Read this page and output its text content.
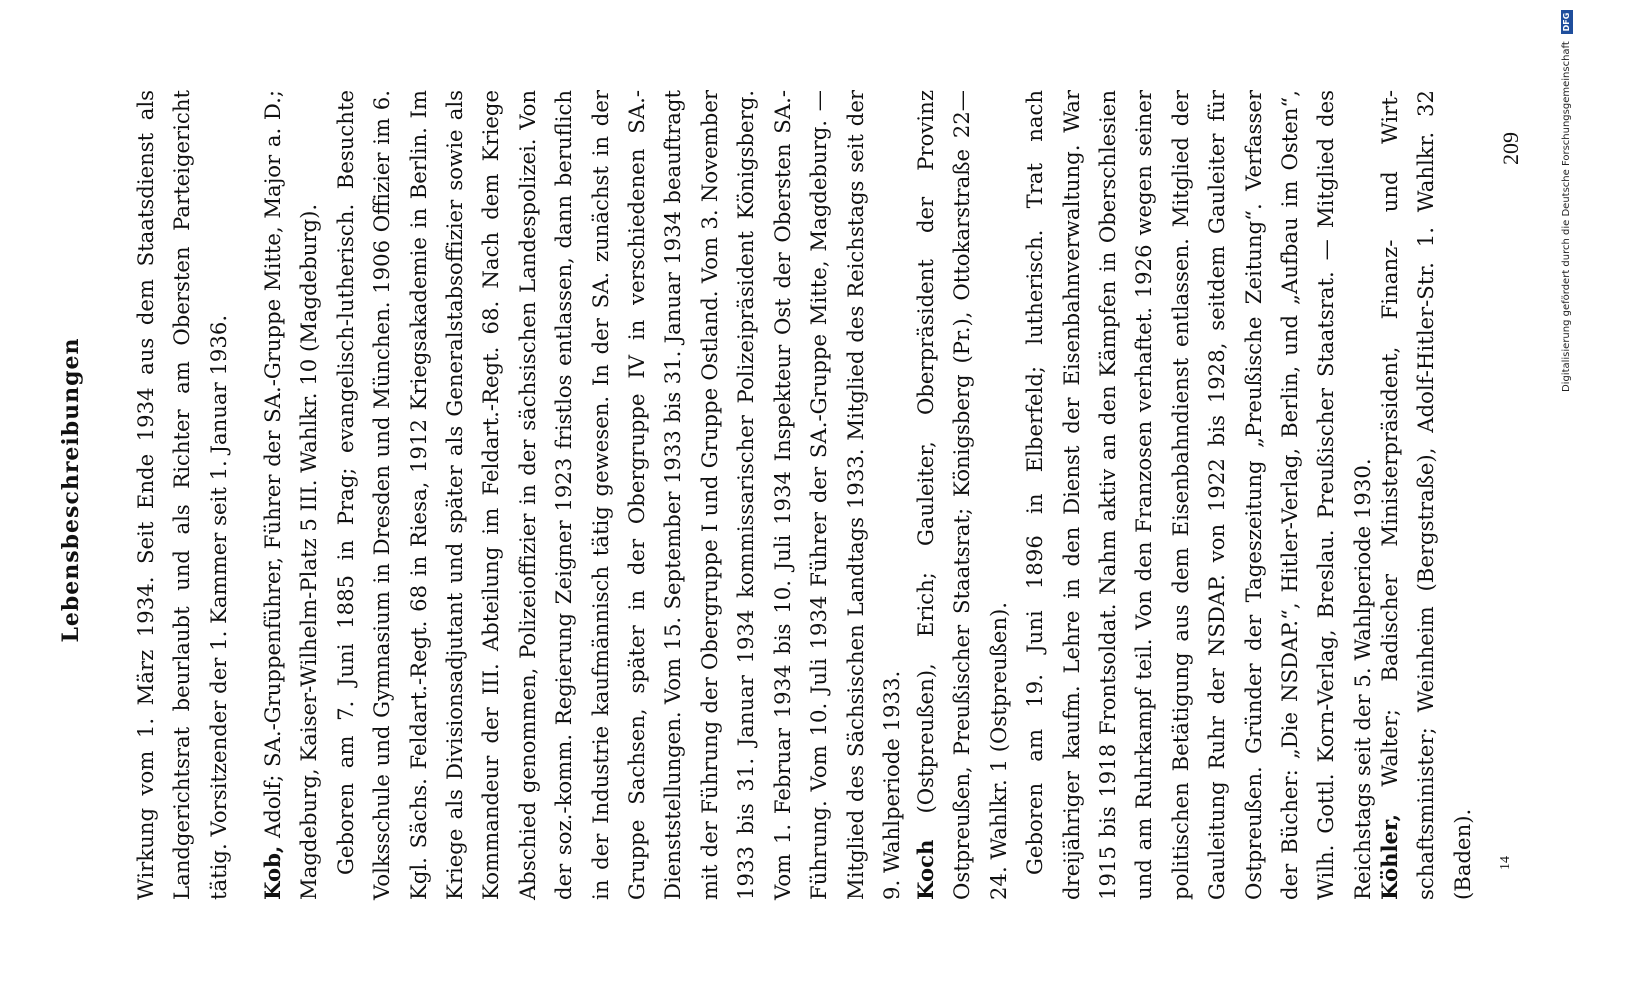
Lebensbeschreibungen Wirkung vom 1. März 1934. Seit Ende 1934 aus dem Staatsdienst als Landgerichtsrat beurlaubt und als Richter am Obersten Parteigericht tätig. Vorsitzender der 1. Kammer seit 1. Januar 1936.	Kob, Adolf; SA.-Gruppenführer, Führer der SA.-Gruppe Mitte, Major a. D.; Magdeburg, Kaiser-Wilhelm-Platz 5 III. Wahlkr. 10 (Magdeburg). Geboren am 7. Juni 1885 in Prag; evangelisch-lutherisch. Besuchte Volksschule und Gymnasium in Dresden und München. 1906 Offizier im 6. Kgl. Sächs. Feldart.-Regt. 68 in Riesa, 1912 Kriegsakademie in Berlin. Im Kriege als Divisionsadjutant und später als Generalstabsoffizier sowie als Kommandeur der III. Abteilung im Feldart.-Regt. 68. Nach dem Kriege Abschied genommen, Polizeioffizier in der sächsischen Landespolizei. Von der soz.-komm. Regierung Zeigner 1923 fristlos entlassen, dann beruflich in der Industrie kaufmännisch tätig gewesen. In der SA. zunächst in der Gruppe Sachsen, später in der Obergruppe IV in verschiedenen SA.-Dienststellungen. Vom 15. September 1933 bis 31. Januar 1934 beauftragt mit der Führung der Obergruppe I und Gruppe Ostland. Vom 3. November 1933 bis 31. Januar 1934 kommissarischer Polizeipräsident Königsberg. Vom 1. Februar 1934 bis 10. Juli 1934 Inspekteur Ost der Obersten SA.-Führung. Vom 10. Juli 1934 Führer der SA.-Gruppe Mitte, Magdeburg. — Mitglied des Sächsischen Landtags 1933. Mitglied des Reichstags seit der 9. Wahlperiode 1933. Koch (Ostpreußen), Erich; Gauleiter, Oberpräsident der Provinz Ostpreußen, Preußischer Staatsrat; Königsberg (Pr.), Ottokarstraße 22—24. Wahlkr. 1 (Ostpreußen). Geboren am 19. Juni 1896 in Elberfeld; lutherisch. Trat nach dreijähriger kaufm. Lehre in den Dienst der Eisenbahnverwaltung. War 1915 bis 1918 Frontsoldat. Nahm aktiv an den Kämpfen in Oberschlesien und am Ruhrkampf teil. Von den Franzosen verhaftet. 1926 wegen seiner politischen Betätigung aus dem Eisenbahndienst entlassen. Mitglied der Gauleitung Ruhr der NSDAP. von 1922 bis 1928, seitdem Gauleiter für Ostpreußen. Gründer der Tageszeitung „Preußische Zeitung“. Verfasser der Bücher: „Die NSDAP.“, Hitler-Verlag, Berlin, und „Aufbau im Osten“, Wilh. Gottl. Korn-Verlag, Breslau. Preußischer Staatsrat. — Mitglied des Reichstags seit der 5. Wahlperiode 1930. Köhler, Walter; Badischer Ministerpräsident, Finanz- und Wirtschaftsminister; Weinheim (Bergstraße), Adolf-Hitler-Str. 1. Wahlkr. 32 (Baden).	14
209	Digitalisierung gefördert durch die Deutsche Forschungsgemeinschaft DFG
